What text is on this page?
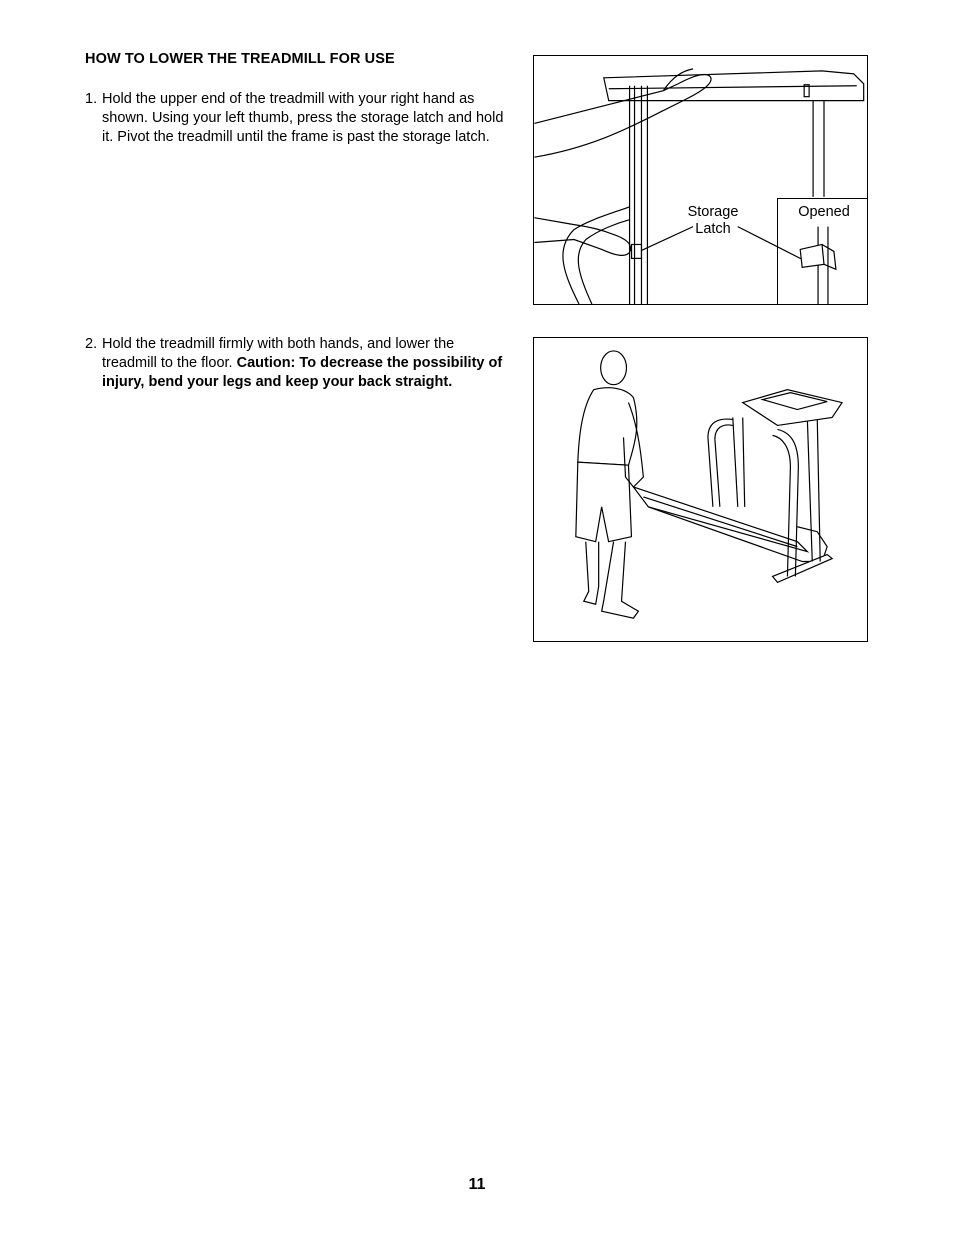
HOW TO LOWER THE TREADMILL FOR USE
1. Hold the upper end of the treadmill with your right hand as shown. Using your left thumb, press the storage latch and hold it. Pivot the treadmill until the frame is past the storage latch.
Storage
Latch
Opened
2. Hold the treadmill firmly with both hands, and lower the treadmill to the floor. Caution: To decrease the possibility of injury, bend your legs and keep your back straight.
11
